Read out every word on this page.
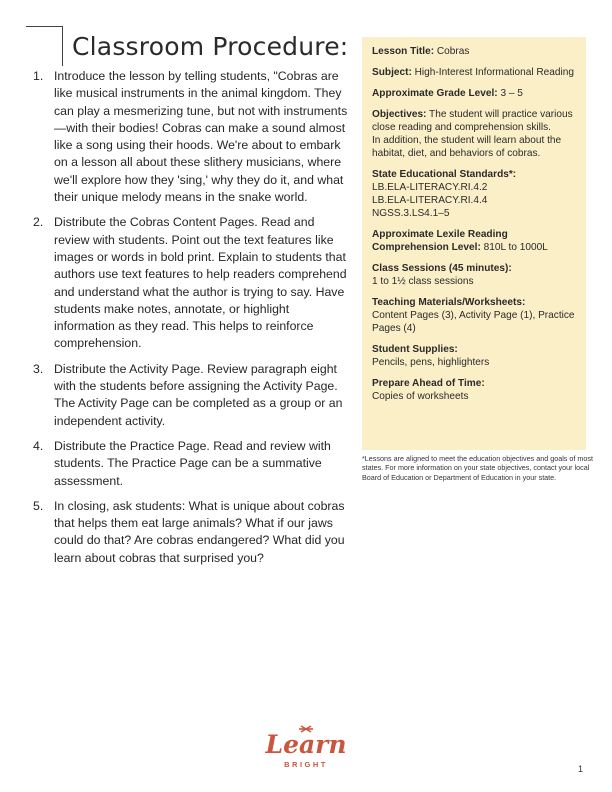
Classroom Procedure:
1. Introduce the lesson by telling students, "Cobras are like musical instruments in the animal kingdom. They can play a mesmerizing tune, but not with instruments—with their bodies! Cobras can make a sound almost like a song using their hoods. We're about to embark on a lesson all about these slithery musicians, where we'll explore how they 'sing,' why they do it, and what their unique melody means in the snake world.
2. Distribute the Cobras Content Pages. Read and review with students. Point out the text features like images or words in bold print. Explain to students that authors use text features to help readers comprehend and understand what the author is trying to say. Have students make notes, annotate, or highlight information as they read. This helps to reinforce comprehension.
3. Distribute the Activity Page. Review paragraph eight with the students before assigning the Activity Page. The Activity Page can be completed as a group or an independent activity.
4. Distribute the Practice Page. Read and review with students. The Practice Page can be a summative assessment.
5. In closing, ask students: What is unique about cobras that helps them eat large animals? What if our jaws could do that? Are cobras endangered? What did you learn about cobras that surprised you?
Lesson Title: Cobras
Subject: High-Interest Informational Reading
Approximate Grade Level: 3 – 5
Objectives: The student will practice various close reading and comprehension skills.
In addition, the student will learn about the habitat, diet, and behaviors of cobras.
State Educational Standards*:
LB.ELA-LITERACY.RI.4.2
LB.ELA-LITERACY.RI.4.4
NGSS.3.LS4.1–5
Approximate Lexile Reading Comprehension Level: 810L to 1000L
Class Sessions (45 minutes):
1 to 1½ class sessions
Teaching Materials/Worksheets:
Content Pages (3), Activity Page (1), Practice Pages (4)
Student Supplies:
Pencils, pens, highlighters
Prepare Ahead of Time:
Copies of worksheets
*Lessons are aligned to meet the education objectives and goals of most states. For more information on your state objectives, contact your local Board of Education or Department of Education in your state.
Learn
BRIGHT	1
